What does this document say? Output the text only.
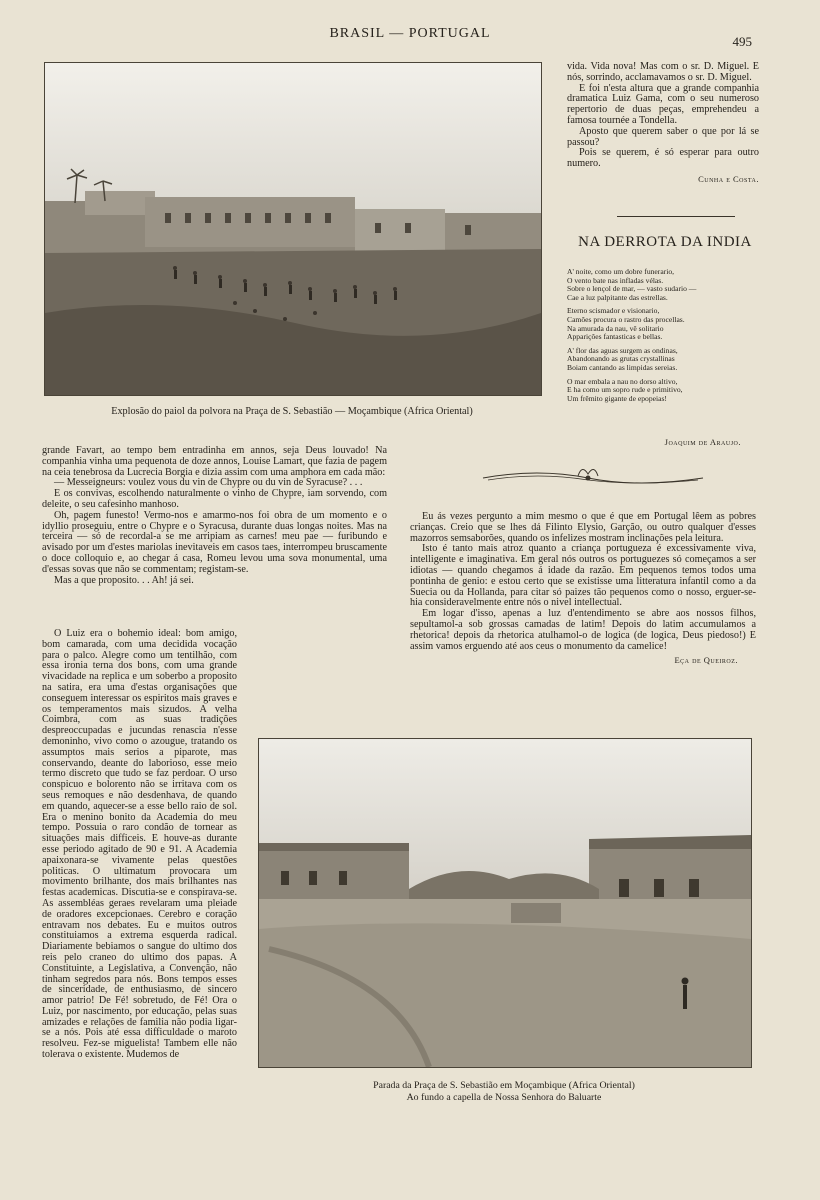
BRASIL — PORTUGAL
495
Explosão do paiol da polvora na Praça de S. Sebastião — Moçambique (Africa Oriental)

vida. Vida nova! Mas com o sr. D. Miguel. E nós, sorrindo, acclamavamos o sr. D. Miguel.

E foi n'esta altura que a grande companhia dramatica Luiz Gama, com o seu numeroso repertorio de duas peças, emprehendeu a famosa tournée a Tondella.

Aposto que querem saber o que por lá se passou?

Pois se querem, é só esperar para outro numero.

Cunha e Costa.
NA DERROTA DA INDIA
A' noite, como um dobre funerario,
O vento bate nas infladas vélas.
Sobre o lençol de mar, — vasto sudario —
Cae a luz palpitante das estrellas.
Eterno scismador e visionario,
Camões procura o rastro das procellas.
Na amurada da nau, vê solitario
Apparições fantasticas e bellas.
A' flor das aguas surgem as ondinas,
Abandonando as grutas crystallinas
Boiam cantando as limpidas sereias.
O mar embala a nau no dorso altivo,
E ha como um sopro rude e primitivo,
Um frêmito gigante de epopeias!
Joaquim de Araujo.

grande Favart, ao tempo bem entradinha em annos, seja Deus louvado! Na companhia vinha uma pequenota de doze annos, Louise Lamart, que fazia de pagem na ceia tenebrosa da Lucrecia Borgia e dizia assim com uma amphora em cada mão:

— Messeigneurs: voulez vous du vin de Chypre ou du vin de Syracuse? . . .

E os convivas, escolhendo naturalmente o vinho de Chypre, iam sorvendo, com deleite, o seu cafesinho manhoso.

Oh, pagem funesto! Vermo-nos e amarmo-nos foi obra de um momento e o idyllio proseguiu, entre o Chypre e o Syracusa, durante duas longas noites. Mas na terceira — só de recordal-a se me arripiam as carnes! meu pae — furibundo e avisado por um d'estes mariolas inevitaveis em casos taes, interrompeu bruscamente o doce colloquio e, ao chegar á casa, Romeu levou uma sova monumental, uma d'essas sovas que não se commentam; registam-se.

Mas a que proposito. . . Ah! já sei.

O Luiz era o bohemio ideal: bom amigo, bom camarada, com uma decidida vocação para o palco. Alegre como um tentilhão, com essa ironia terna dos bons, com uma grande vivacidade na replica e um soberbo a proposito na satira, era uma d'estas organisações que conseguem interessar os espiritos mais graves e os temperamentos mais sizudos. A velha Coimbra, com as suas tradições despreoccupadas e jucundas renascia n'esse demoninho, vivo como o azougue, tratando os assumptos mais serios a piparote, mas conservando, deante do laborioso, esse meio termo discreto que tudo se faz perdoar. O urso conspicuo e bolorento não se irritava com os seus remoques e não desdenhava, de quando em quando, aquecer-se a esse bello raio de sol. Era o menino bonito da Academia do meu tempo. Possuia o raro condão de tornear as situações mais difficeis. E houve-as durante esse periodo agitado de 90 e 91. A Academia apaixonara-se vivamente pelas questões politicas. O ultimatum provocara um movimento brilhante, dos mais brilhantes nas festas academicas. Discutia-se e conspirava-se. As assembléas geraes revelaram uma pleiade de oradores excepcionaes. Cerebro e coração entravam nos debates. Eu e muitos outros constituiamos a extrema esquerda radical. Diariamente bebiamos o sangue do ultimo dos reis pelo craneo do ultimo dos papas. A Constituinte, a Legislativa, a Convenção, não tinham segredos para nós. Bons tempos esses de sinceridade, de enthusiasmo, de sincero amor patrio! De Fé! sobretudo, de Fé! Ora o Luiz, por nascimento, por educação, pelas suas amizades e relações de familia não podia ligar-se a nós. Pois até essa difficuldade o maroto resolveu. Fez-se miguelista! Tambem elle não tolerava o existente. Mudemos de

Eu ás vezes pergunto a mim mesmo o que é que em Portugal lêem as pobres crianças. Creio que se lhes dá Filinto Elysio, Garção, ou outro qualquer d'esses mazorros semsaborões, quando os infelizes mostram inclinações pela leitura.

Isto é tanto mais atroz quanto a criança portugueza é excessivamente viva, intelligente e imaginativa. Em geral nós outros os portuguezes só começamos a ser idiotas — quando chegamos á idade da razão. Em pequenos temos todos uma pontinha de genio: e estou certo que se existisse uma litteratura infantil como a da Suecia ou da Hollanda, para citar só paizes tão pequenos como o nosso, erguer-se-hia consideravelmente entre nós o nivel intellectual.

Em logar d'isso, apenas a luz d'entendimento se abre aos nossos filhos, sepultamol-a sob grossas camadas de latim! Depois do latim accumulamos a rhetorica! depois da rhetorica atulhamol-o de logica (de logica, Deus piedoso!) E assim vamos erguendo até aos ceus o monumento da camelice!

Eça de Queiroz.
Parada da Praça de S. Sebastião em Moçambique (Africa Oriental)
Ao fundo a capella de Nossa Senhora do Baluarte
